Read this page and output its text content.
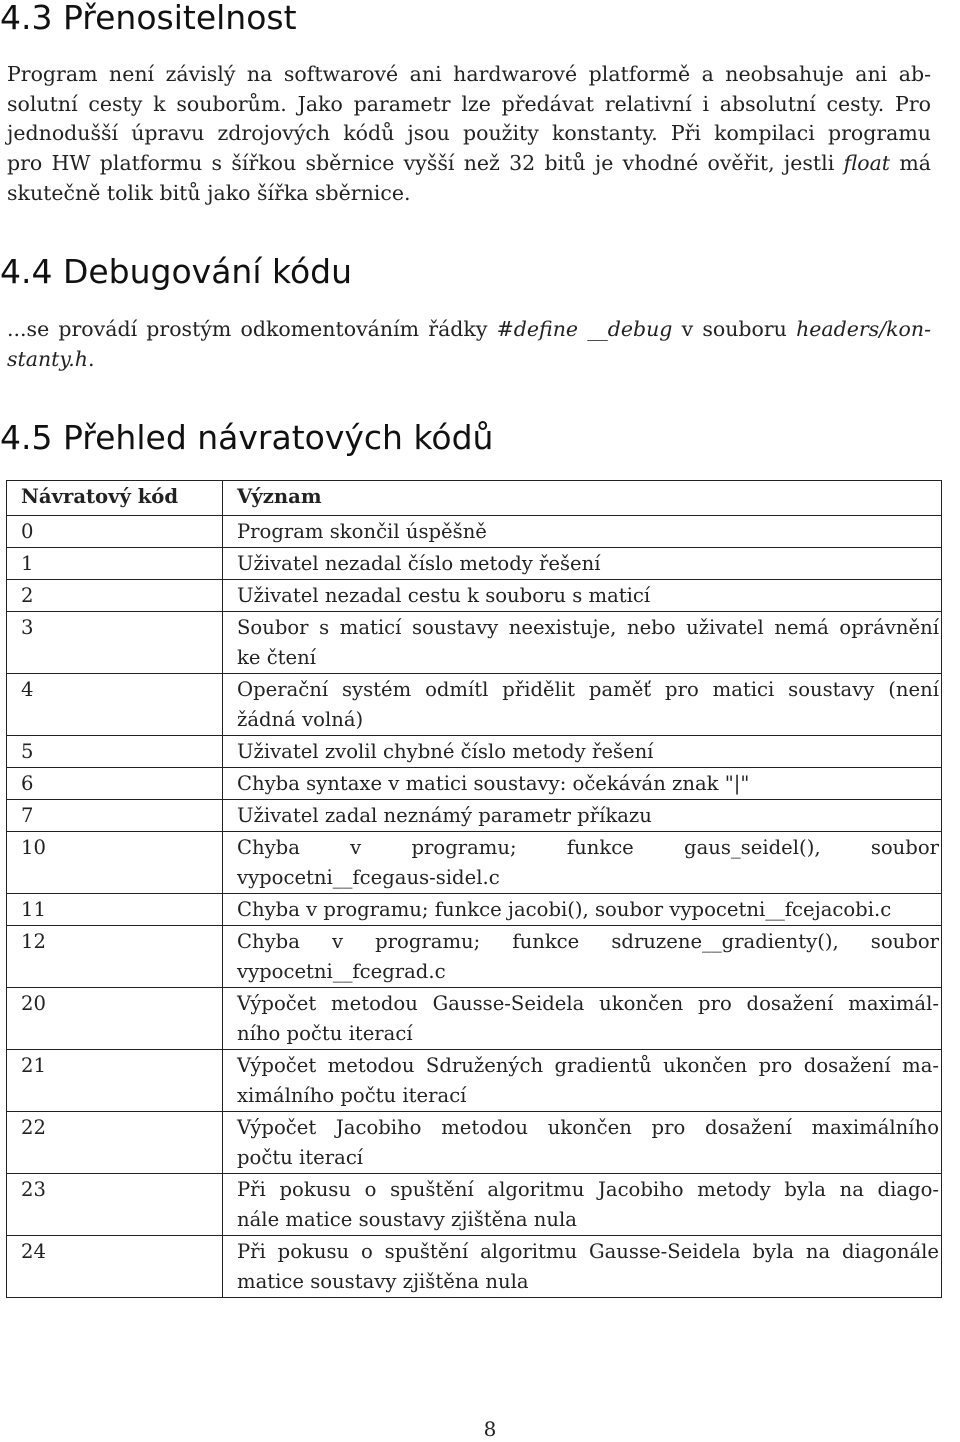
4.3 Přenositelnost
Program není závislý na softwarové ani hardwarové platformě a neobsahuje ani ab-
solutní cesty k souborům. Jako parametr lze předávat relativní i absolutní cesty. Pro
jednodušší úpravu zdrojových kódů jsou použity konstanty. Při kompilaci programu
pro HW platformu s šířkou sběrnice vyšší než 32 bitů je vhodné ověřit, jestli float má
skutečně tolik bitů jako šířka sběrnice.
4.4 Debugování kódu
...se provádí prostým odkomentováním řádky #define __debug v souboru headers/kon-
stanty.h.
4.5 Přehled návratových kódů
Návratový kód	Význam
0	Program skončil úspěšně

1	Uživatel nezadal číslo metody řešení

2	Uživatel nezadal cestu k souboru s maticí

3	Soubor s maticí soustavy neexistuje, nebo uživatel nemá oprávnění
ke čtení

4	Operační systém odmítl přidělit paměť pro matici soustavy (není
žádná volná)

5	Uživatel zvolil chybné číslo metody řešení

6	Chyba syntaxe v matici soustavy: očekáván znak "|"

7	Uživatel zadal neznámý parametr příkazu

10	Chyba v programu; funkce gaus_seidel(), soubor
vypocetni__fcegaus-sidel.c

11	Chyba v programu; funkce jacobi(), soubor vypocetni__fcejacobi.c

12	Chyba v programu; funkce sdruzene__gradienty(), soubor
vypocetni__fcegrad.c

20	Výpočet metodou Gausse-Seidela ukončen pro dosažení maximál-
ního počtu iterací

21	Výpočet metodou Sdružených gradientů ukončen pro dosažení ma-
ximálního počtu iterací

22	Výpočet Jacobiho metodou ukončen pro dosažení maximálního
počtu iterací

23	Při pokusu o spuštění algoritmu Jacobiho metody byla na diago-
nále matice soustavy zjištěna nula

24	Při pokusu o spuštění algoritmu Gausse-Seidela byla na diagonále
matice soustavy zjištěna nula
8
